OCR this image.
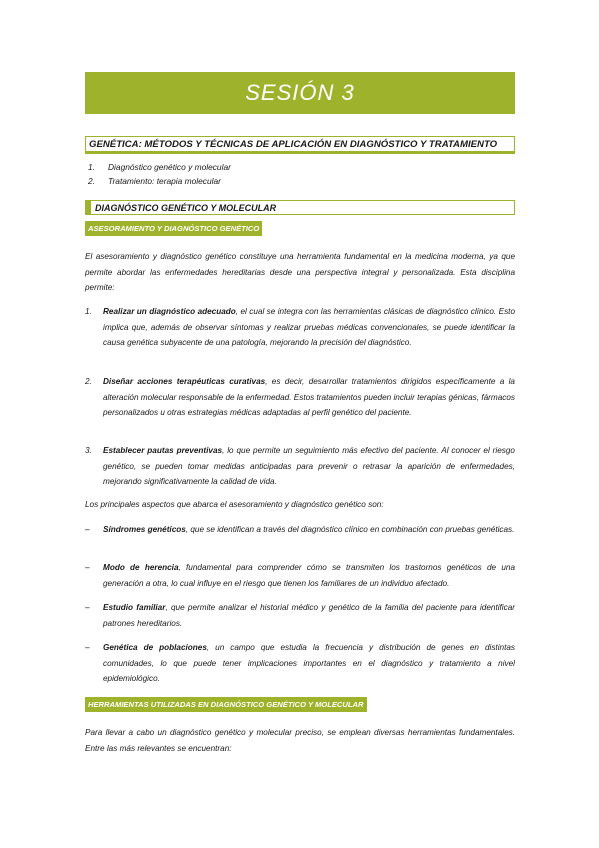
SESIÓN 3
GENÉTICA: MÉTODOS Y TÉCNICAS DE APLICACIÓN EN DIAGNÓSTICO Y TRATAMIENTO
1.	Diagnóstico genético y molecular
2.	Tratamiento: terapia molecular
DIAGNÓSTICO GENÉTICO Y MOLECULAR
ASESORAMIENTO Y DIAGNÓSTICO GENÉTICO

El asesoramiento y diagnóstico genético constituye una herramienta fundamental en la medicina moderna, ya que permite abordar las enfermedades hereditarias desde una perspectiva integral y personalizada. Esta disciplina permite:

1.	Realizar un diagnóstico adecuado, el cual se integra con las herramientas clásicas de diagnóstico clínico. Esto implica que, además de observar síntomas y realizar pruebas médicas convencionales, se puede identificar la causa genética subyacente de una patología, mejorando la precisión del diagnóstico.
2.	Diseñar acciones terapéuticas curativas, es decir, desarrollar tratamientos dirigidos específicamente a la alteración molecular responsable de la enfermedad. Estos tratamientos pueden incluir terapias génicas, fármacos personalizados u otras estrategias médicas adaptadas al perfil genético del paciente.
3.	Establecer pautas preventivas, lo que permite un seguimiento más efectivo del paciente. Al conocer el riesgo genético, se pueden tomar medidas anticipadas para prevenir o retrasar la aparición de enfermedades, mejorando significativamente la calidad de vida.

Los principales aspectos que abarca el asesoramiento y diagnóstico genético son:

–	Síndromes genéticos, que se identifican a través del diagnóstico clínico en combinación con pruebas genéticas.
–	Modo de herencia, fundamental para comprender cómo se transmiten los trastornos genéticos de una generación a otra, lo cual influye en el riesgo que tienen los familiares de un individuo afectado.
–	Estudio familiar, que permite analizar el historial médico y genético de la familia del paciente para identificar patrones hereditarios.
–	Genética de poblaciones, un campo que estudia la frecuencia y distribución de genes en distintas comunidades, lo que puede tener implicaciones importantes en el diagnóstico y tratamiento a nivel epidemiológico.
HERRAMIENTAS UTILIZADAS EN DIAGNÓSTICO GENÉTICO Y MOLECULAR

Para llevar a cabo un diagnóstico genético y molecular preciso, se emplean diversas herramientas fundamentales. Entre las más relevantes se encuentran:
